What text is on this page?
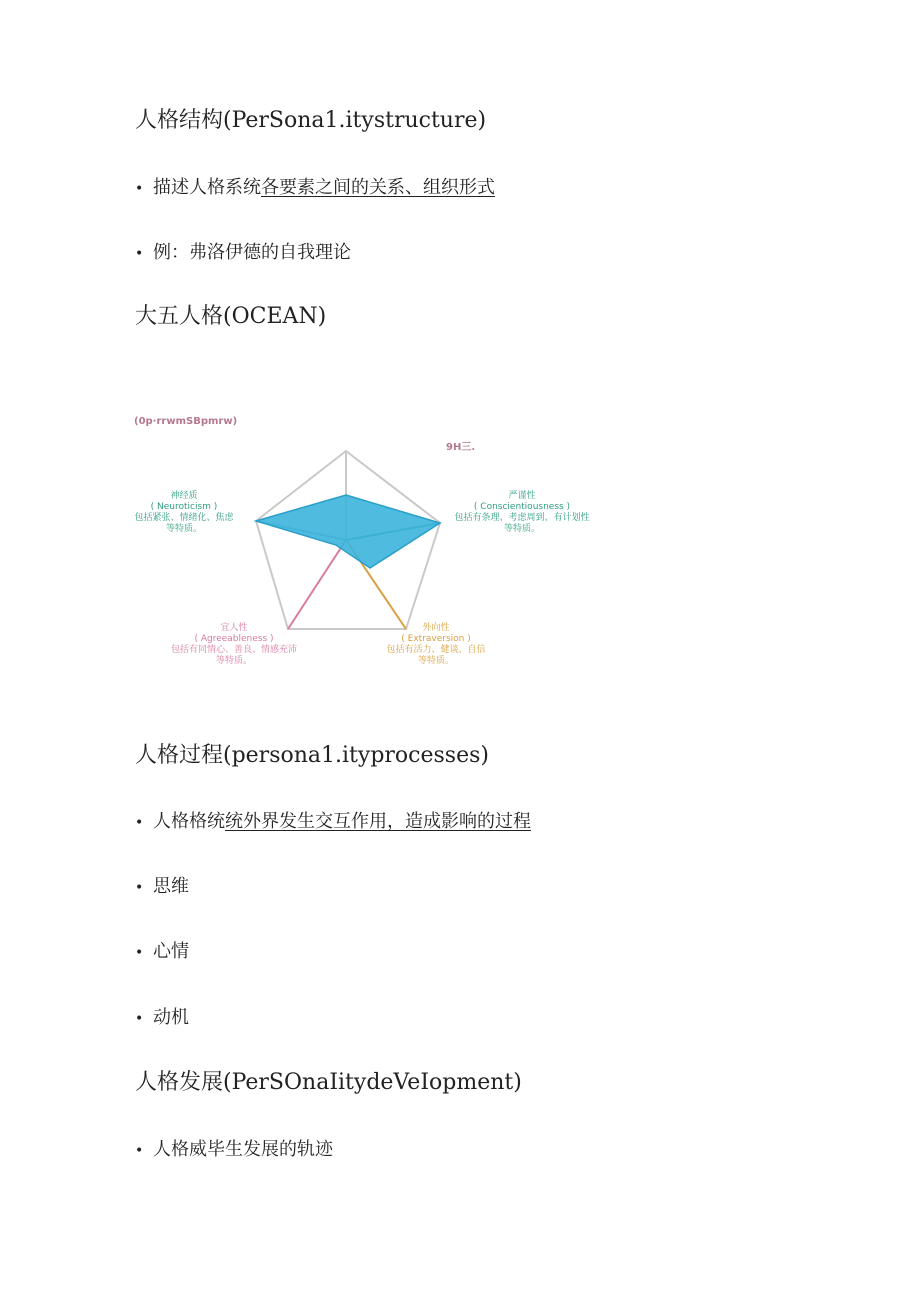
人格结构(PerSona1.itystructure)
• 描述人格系统各要素之间的关系、组织形式
• 例：弗洛伊德的自我理论
大五人格(OCEAN)
(0p·rrwmSBpmrw)
9H三.
神经质
( Neuroticism )
包括紧张、情绪化、焦虑
等特质。
严谨性
( Conscientiousness )
包括有条理、考虑周到、有计划性
等特质。
宜人性
( Agreeableness )
包括有同情心、善良、情感充沛
等特质。
外向性
( Extraversion )
包括有活力、健谈、自信
等特质。
人格过程(persona1.ityprocesses)
• 人格格统统外界发生交互作用，造成影响的过程
• 思维
• 心情
• 动机
人格发展(PerSOnaIitydeVeIopment)
• 人格威毕生发展的轨迹
